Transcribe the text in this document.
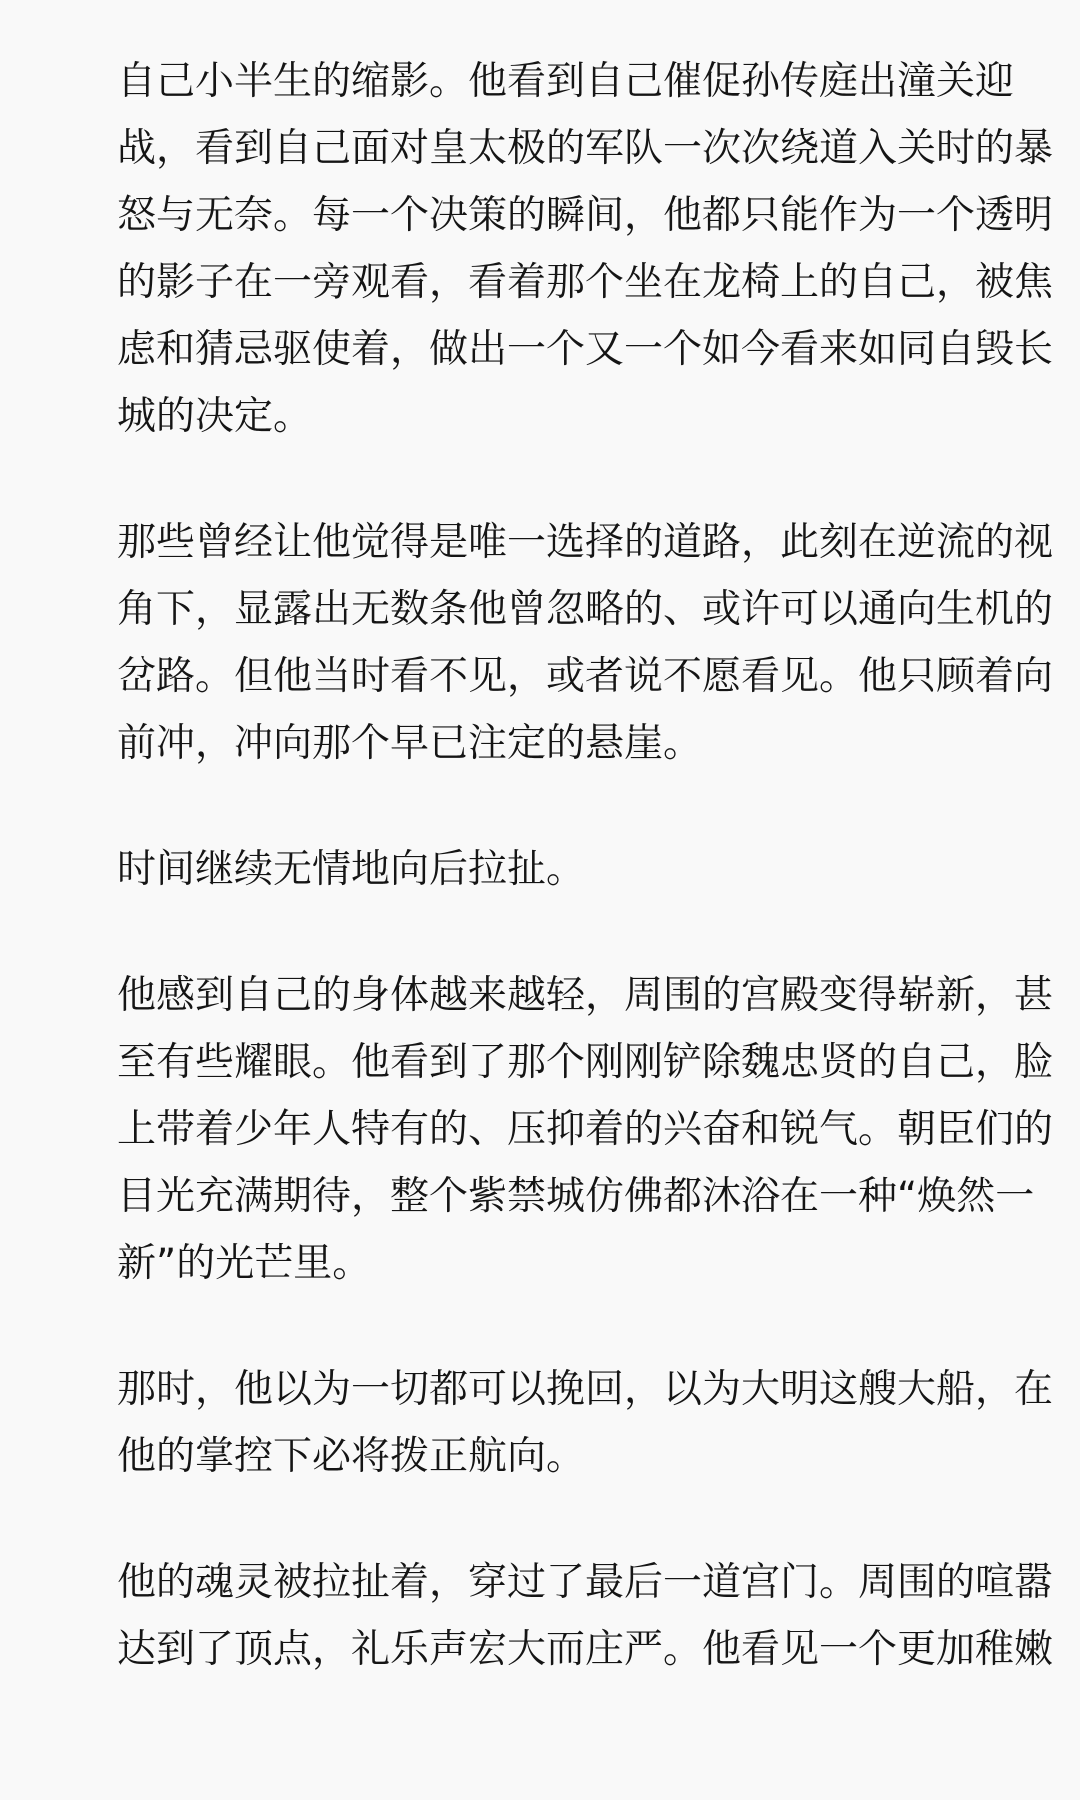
自己小半生的缩影。他看到自己催促孙传庭出潼关迎
战，看到自己面对皇太极的军队一次次绕道入关时的暴
怒与无奈。每一个决策的瞬间，他都只能作为一个透明
的影子在一旁观看，看着那个坐在龙椅上的自己，被焦
虑和猜忌驱使着，做出一个又一个如今看来如同自毁长
城的决定。

那些曾经让他觉得是唯一选择的道路，此刻在逆流的视
角下，显露出无数条他曾忽略的、或许可以通向生机的
岔路。但他当时看不见，或者说不愿看见。他只顾着向
前冲，冲向那个早已注定的悬崖。

时间继续无情地向后拉扯。

他感到自己的身体越来越轻，周围的宫殿变得崭新，甚
至有些耀眼。他看到了那个刚刚铲除魏忠贤的自己，脸
上带着少年人特有的、压抑着的兴奋和锐气。朝臣们的
目光充满期待，整个紫禁城仿佛都沐浴在一种“焕然一
新”的光芒里。

那时，他以为一切都可以挽回，以为大明这艘大船，在
他的掌控下必将拨正航向。

他的魂灵被拉扯着，穿过了最后一道宫门。周围的喧嚣
达到了顶点，礼乐声宏大而庄严。他看见一个更加稚嫩
